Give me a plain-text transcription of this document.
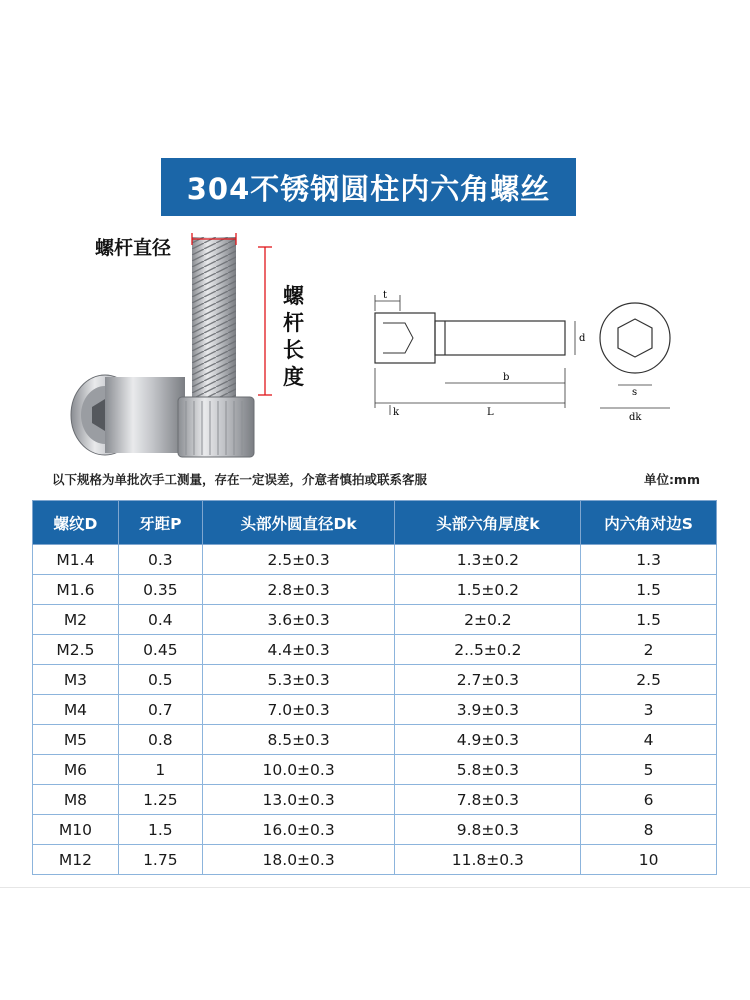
304不锈钢圆柱内六角螺丝
螺杆直径
螺
杆
长
度
t
d
b
k	L
s
dk
以下规格为单批次手工测量，存在一定误差，介意者慎拍或联系客服	单位:mm
螺纹D	牙距P	头部外圆直径Dk	头部六角厚度k	内六角对边S
M1.4	0.3	2.5±0.3	1.3±0.2	1.3
M1.6	0.35	2.8±0.3	1.5±0.2	1.5
M2	0.4	3.6±0.3	2±0.2	1.5
M2.5	0.45	4.4±0.3	2..5±0.2	2
M3	0.5	5.3±0.3	2.7±0.3	2.5
M4	0.7	7.0±0.3	3.9±0.3	3
M5	0.8	8.5±0.3	4.9±0.3	4
M6	1	10.0±0.3	5.8±0.3	5
M8	1.25	13.0±0.3	7.8±0.3	6
M10	1.5	16.0±0.3	9.8±0.3	8
M12	1.75	18.0±0.3	11.8±0.3	10
